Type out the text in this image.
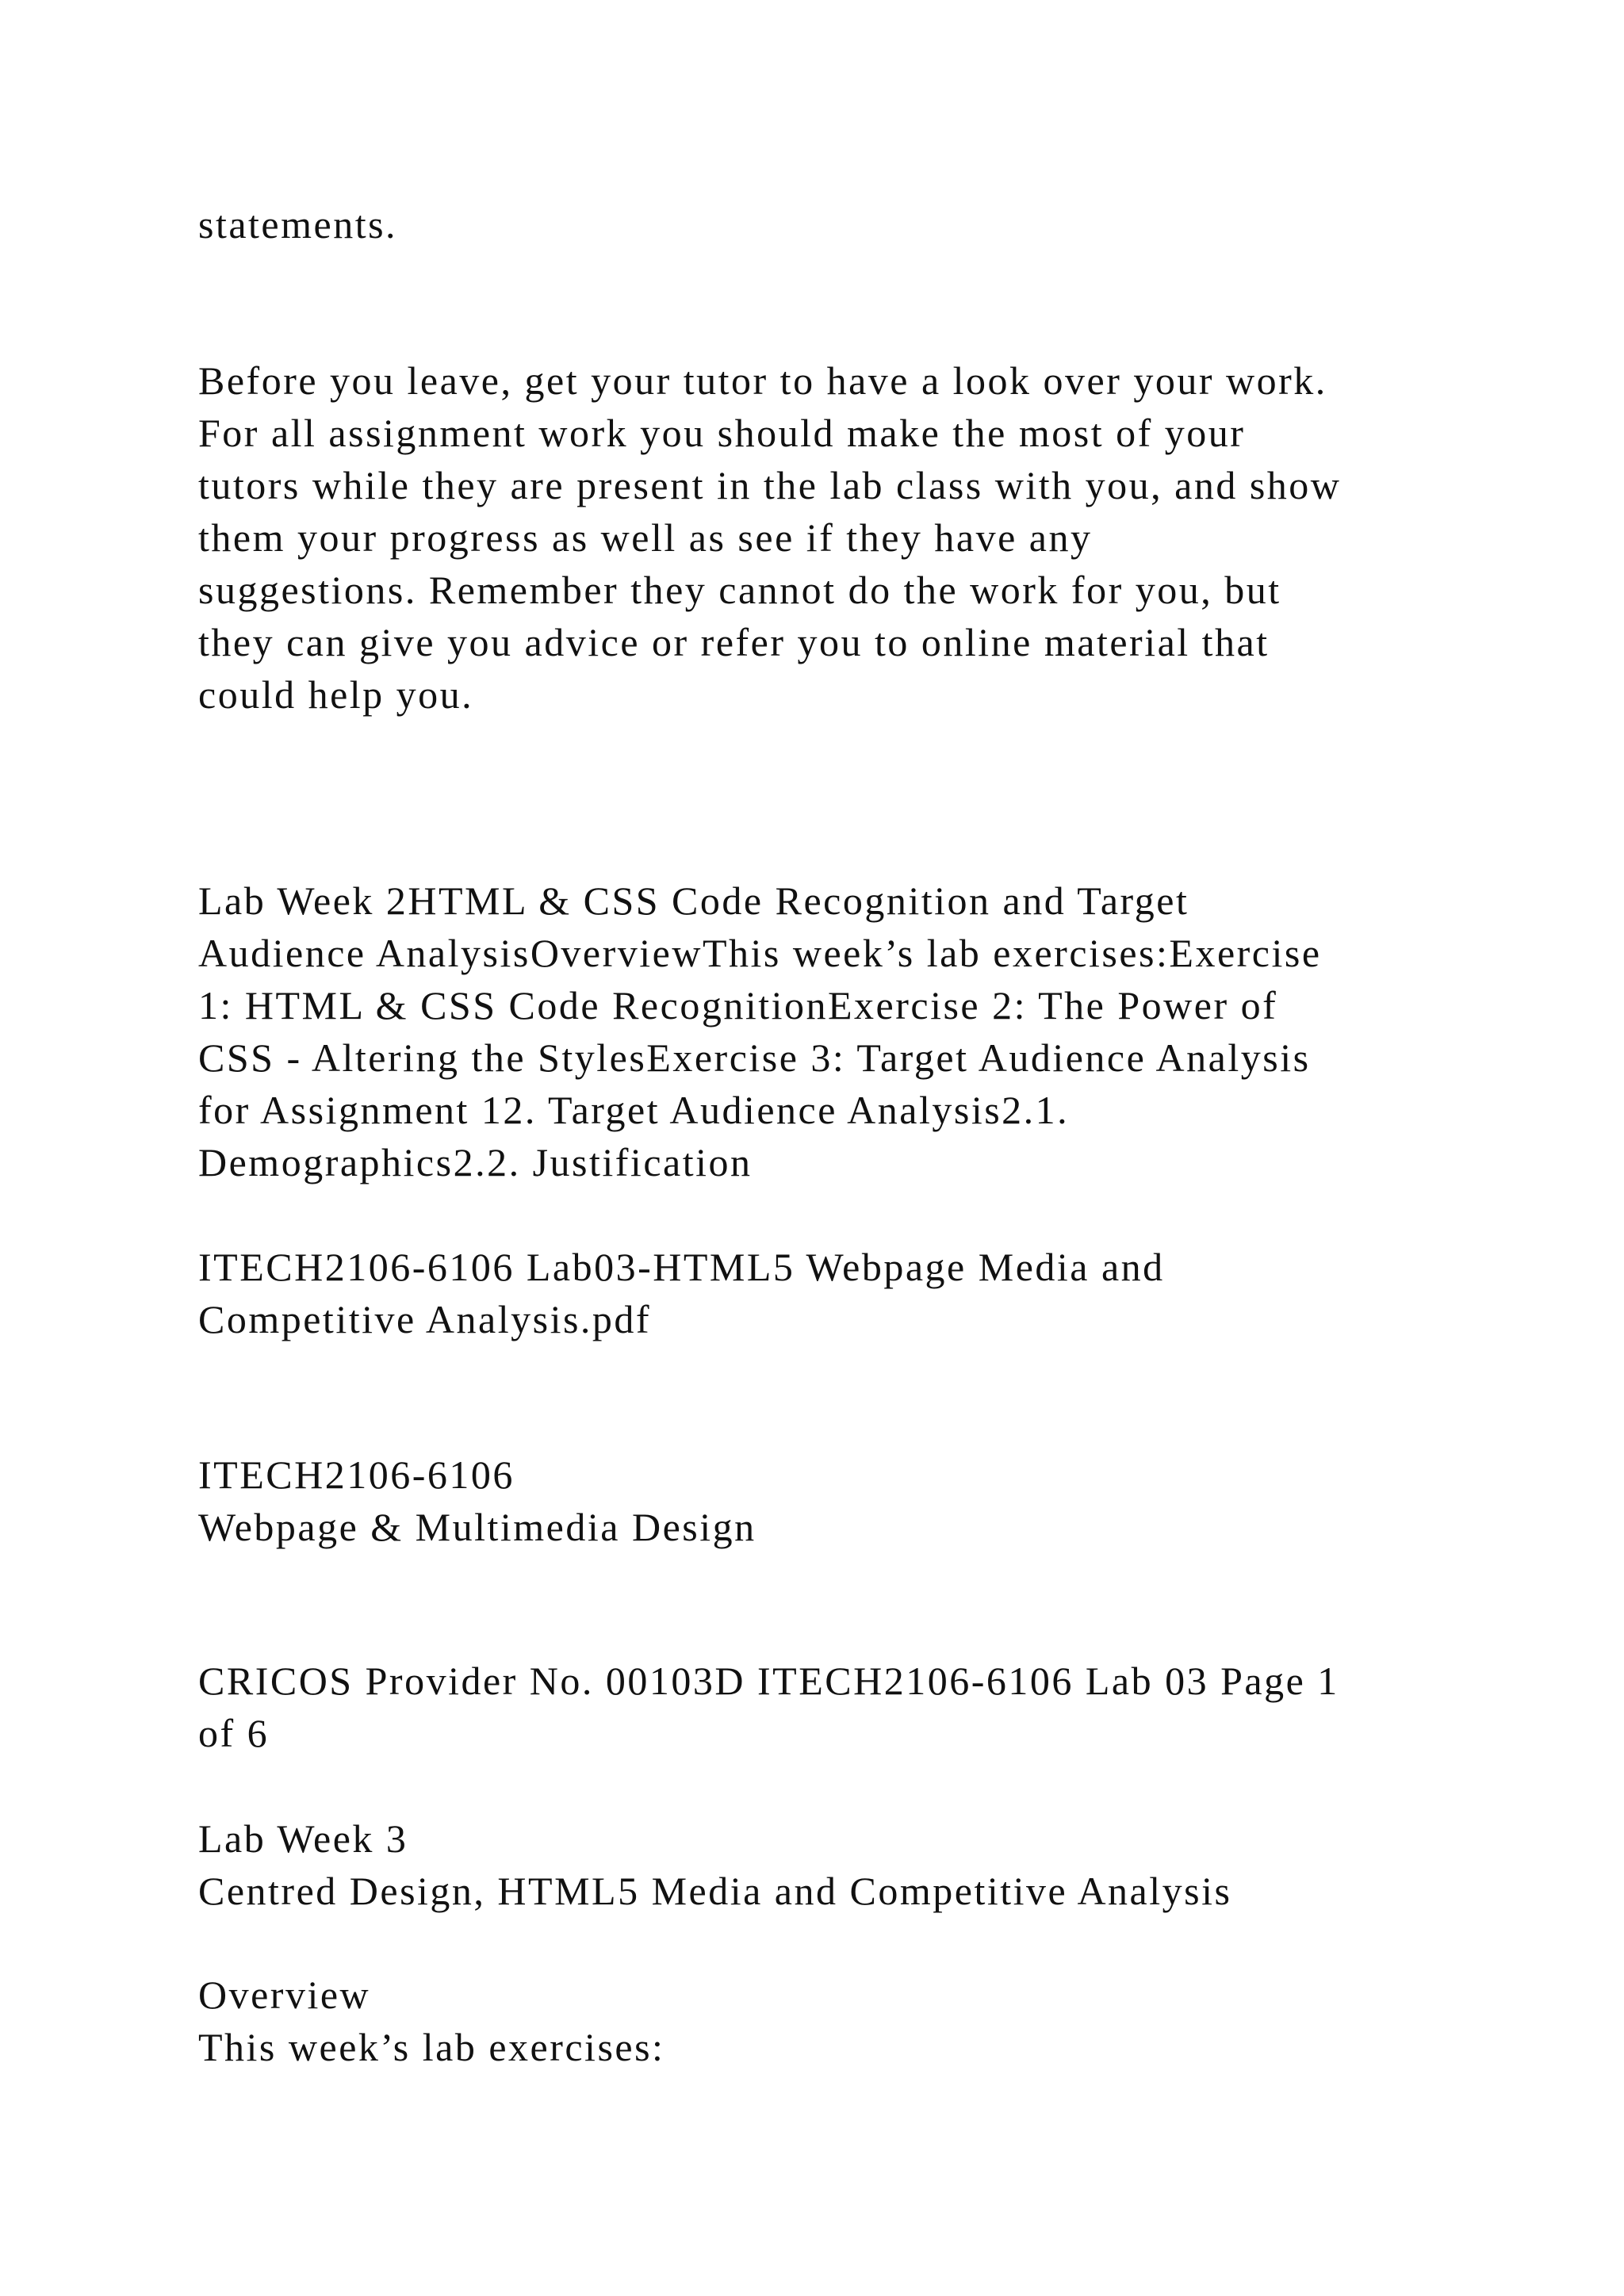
statements.

Before you leave, get your tutor to have a look over your work.
For all assignment work you should make the most of your
tutors while they are present in the lab class with you, and show
them your progress as well as see if they have any
suggestions. Remember they cannot do the work for you, but
they can give you advice or refer you to online material that
could help you.

Lab Week 2HTML & CSS Code Recognition and Target
Audience AnalysisOverviewThis week’s lab exercises:Exercise
1: HTML & CSS Code RecognitionExercise 2: The Power of
CSS - Altering the StylesExercise 3: Target Audience Analysis
for Assignment 12. Target Audience Analysis2.1.
Demographics2.2. Justification

ITECH2106-6106 Lab03-HTML5 Webpage Media and
Competitive Analysis.pdf

ITECH2106-6106
Webpage & Multimedia Design

CRICOS Provider No. 00103D ITECH2106-6106 Lab 03 Page 1
of 6

Lab Week 3
Centred Design, HTML5 Media and Competitive Analysis

Overview
This week’s lab exercises:
